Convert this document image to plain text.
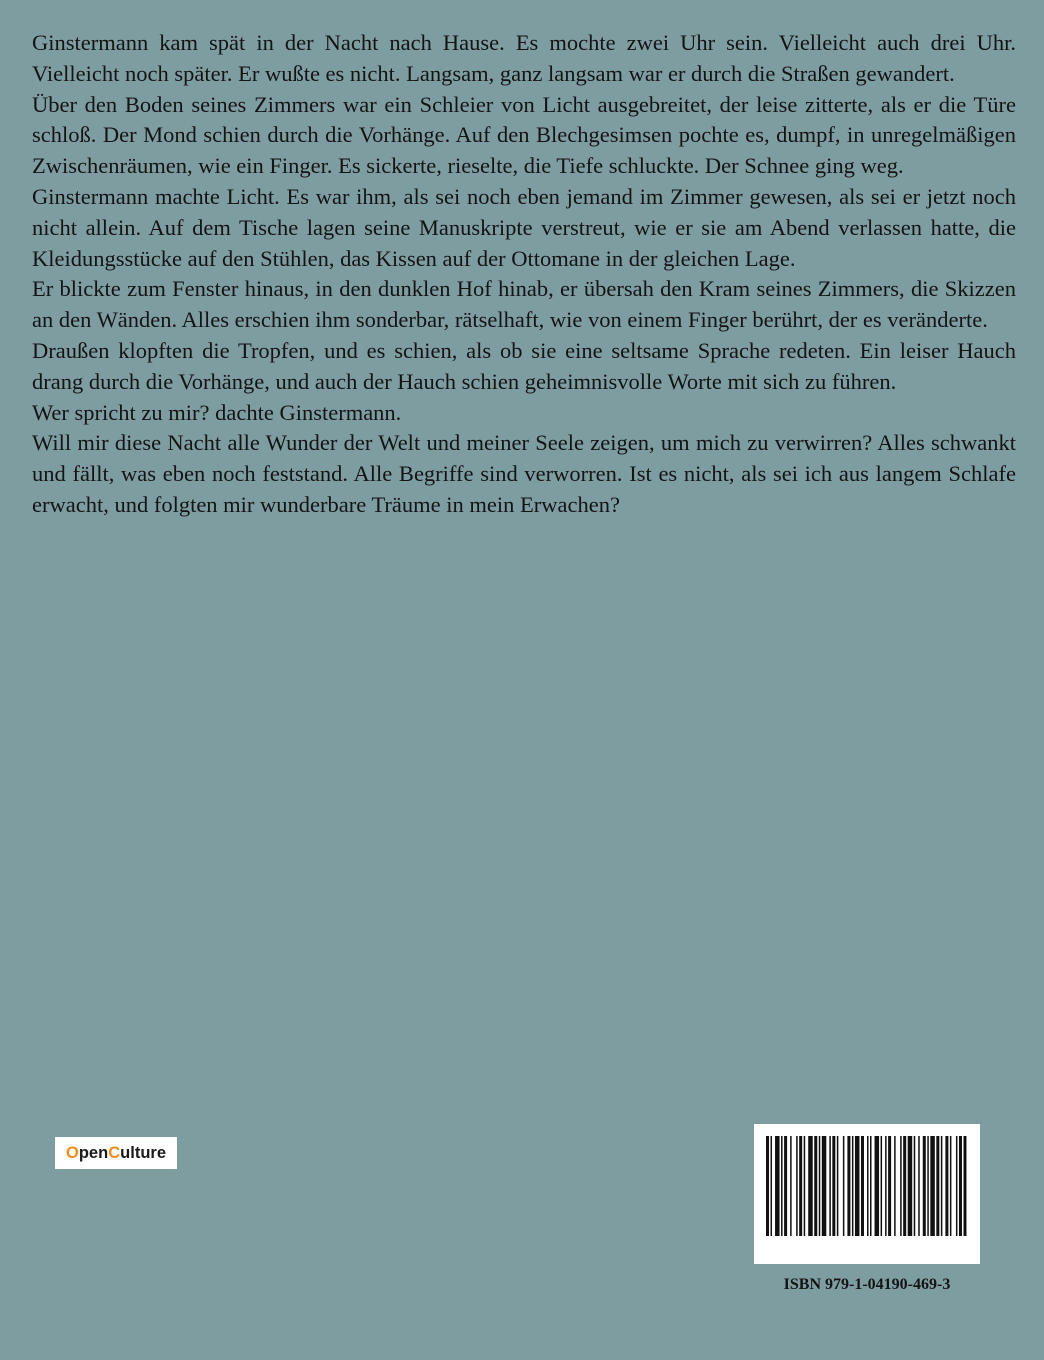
Ginstermann kam spät in der Nacht nach Hause. Es mochte zwei Uhr sein. Vielleicht auch drei Uhr. Vielleicht noch später. Er wußte es nicht. Langsam, ganz langsam war er durch die Straßen gewandert.

Über den Boden seines Zimmers war ein Schleier von Licht ausgebreitet, der leise zitterte, als er die Türe schloß. Der Mond schien durch die Vorhänge. Auf den Blechgesimsen pochte es, dumpf, in unregelmäßigen Zwischenräumen, wie ein Finger. Es sickerte, rieselte, die Tiefe schluckte. Der Schnee ging weg.

Ginstermann machte Licht. Es war ihm, als sei noch eben jemand im Zimmer gewesen, als sei er jetzt noch nicht allein. Auf dem Tische lagen seine Manuskripte verstreut, wie er sie am Abend verlassen hatte, die Kleidungsstücke auf den Stühlen, das Kissen auf der Ottomane in der gleichen Lage.

Er blickte zum Fenster hinaus, in den dunklen Hof hinab, er übersah den Kram seines Zimmers, die Skizzen an den Wänden. Alles erschien ihm sonderbar, rätselhaft, wie von einem Finger berührt, der es veränderte.

Draußen klopften die Tropfen, und es schien, als ob sie eine seltsame Sprache redeten. Ein leiser Hauch drang durch die Vorhänge, und auch der Hauch schien geheimnisvolle Worte mit sich zu führen.

Wer spricht zu mir? dachte Ginstermann.

Will mir diese Nacht alle Wunder der Welt und meiner Seele zeigen, um mich zu verwirren? Alles schwankt und fällt, was eben noch feststand. Alle Begriffe sind verworren. Ist es nicht, als sei ich aus langem Schlafe erwacht, und folgten mir wunderbare Träume in mein Erwachen?

OpenCulture
ISBN 979-1-04190-469-3
